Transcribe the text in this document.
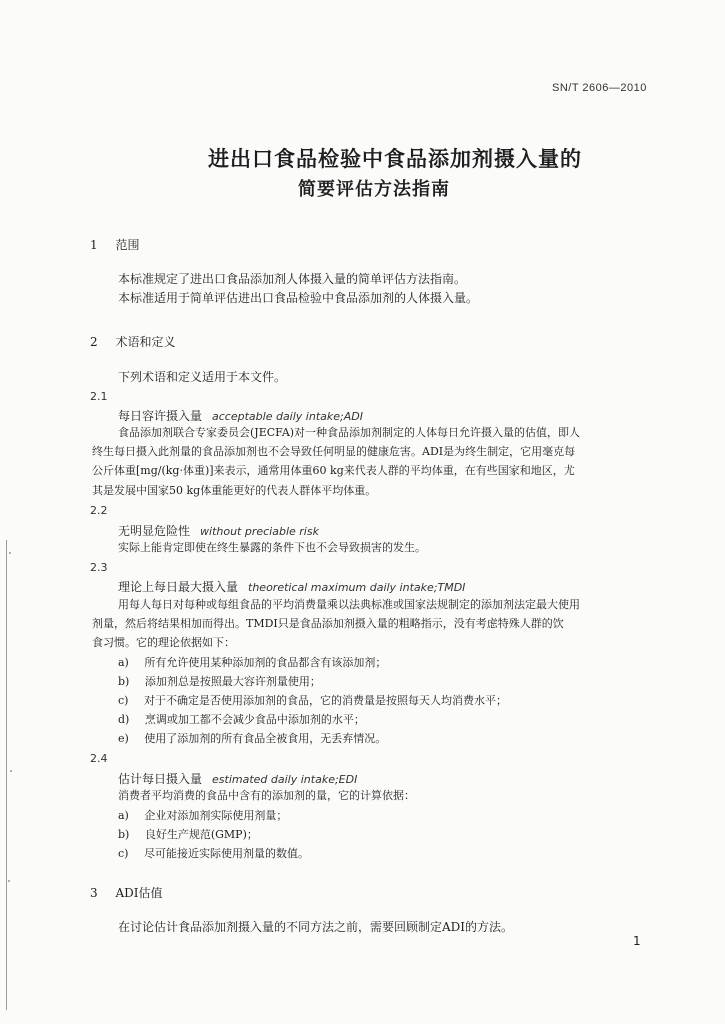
SN/T 2606—2010
进出口食品检验中食品添加剂摄入量的
简要评估方法指南
1 范围
本标准规定了进出口食品添加剂人体摄入量的简单评估方法指南。
本标准适用于简单评估进出口食品检验中食品添加剂的人体摄入量。
2 术语和定义
下列术语和定义适用于本文件。
2.1
每日容许摄入量 acceptable daily intake;ADI
食品添加剂联合专家委员会(JECFA)对一种食品添加剂制定的人体每日允许摄入量的估值，即人
终生每日摄入此剂量的食品添加剂也不会导致任何明显的健康危害。ADI是为终生制定，它用毫克每
公斤体重[mg/(kg·体重)]来表示，通常用体重60 kg来代表人群的平均体重，在有些国家和地区，尤
其是发展中国家50 kg体重能更好的代表人群体平均体重。
2.2
无明显危险性 without preciable risk
实际上能肯定即使在终生暴露的条件下也不会导致损害的发生。
2.3
理论上每日最大摄入量 theoretical maximum daily intake;TMDI
用每人每日对每种或每组食品的平均消费量乘以法典标准或国家法规制定的添加剂法定最大使用
剂量，然后将结果相加而得出。TMDI只是食品添加剂摄入量的粗略指示，没有考虑特殊人群的饮
食习惯。它的理论依据如下：
a) 所有允许使用某种添加剂的食品都含有该添加剂；
b) 添加剂总是按照最大容许剂量使用；
c) 对于不确定是否使用添加剂的食品，它的消费量是按照每天人均消费水平；
d) 烹调或加工都不会减少食品中添加剂的水平；
e) 使用了添加剂的所有食品全被食用，无丢弃情况。
2.4
估计每日摄入量 estimated daily intake;EDI
消费者平均消费的食品中含有的添加剂的量，它的计算依据：
a) 企业对添加剂实际使用剂量；
b) 良好生产规范(GMP)；
c) 尽可能接近实际使用剂量的数值。
3 ADI估值
在讨论估计食品添加剂摄入量的不同方法之前，需要回顾制定ADI的方法。
1
